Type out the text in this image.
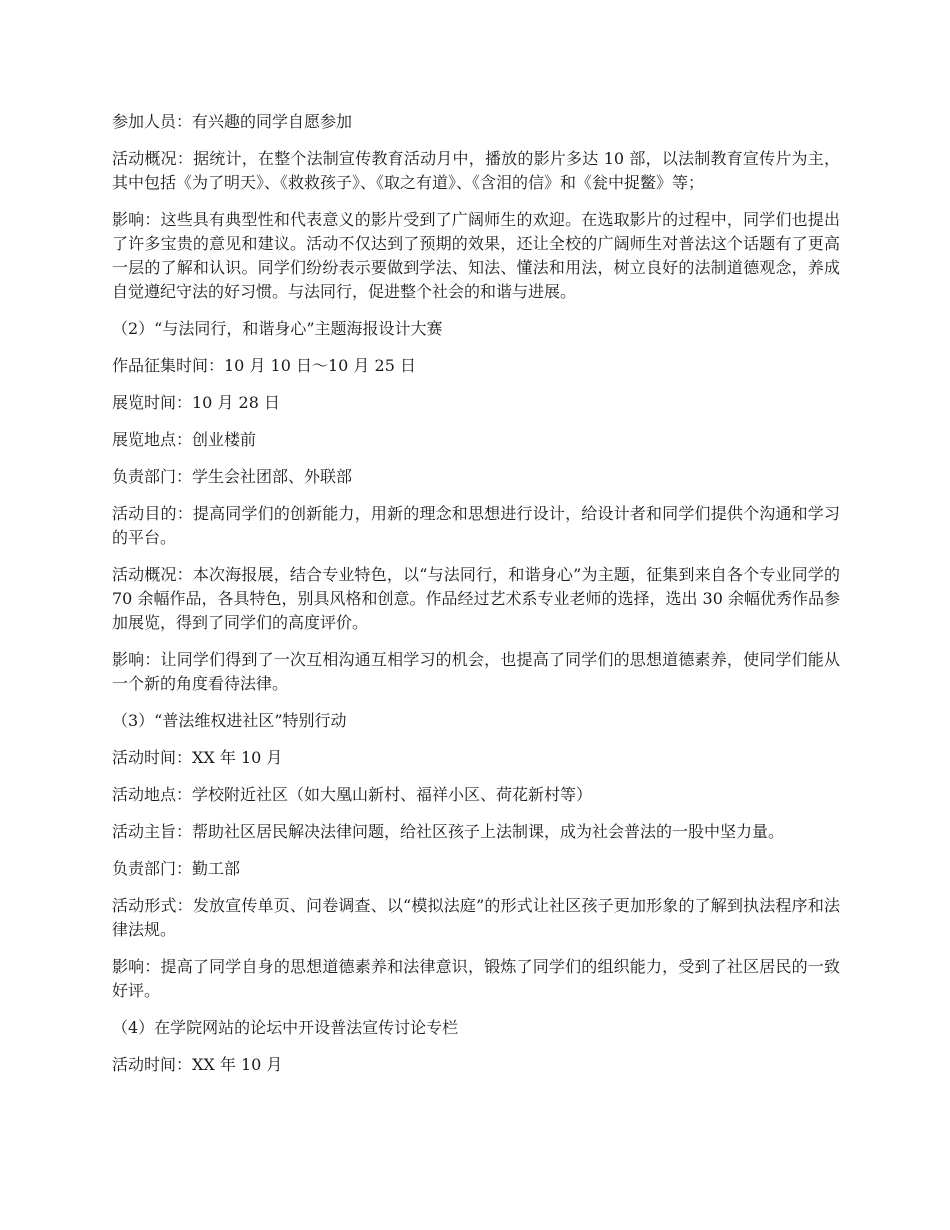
参加人员：有兴趣的同学自愿参加

活动概况：据统计，在整个法制宣传教育活动月中，播放的影片多达 10 部，以法制教育宣传片为主，其中包括《为了明天》、《救救孩子》、《取之有道》、《含泪的信》和《瓮中捉鳖》等；

影响：这些具有典型性和代表意义的影片受到了广阔师生的欢迎。在选取影片的过程中，同学们也提出了许多宝贵的意见和建议。活动不仅达到了预期的效果，还让全校的广阔师生对普法这个话题有了更高一层的了解和认识。同学们纷纷表示要做到学法、知法、懂法和用法，树立良好的法制道德观念，养成自觉遵纪守法的好习惯。与法同行，促进整个社会的和谐与进展。

（2）“与法同行，和谐身心”主题海报设计大赛

作品征集时间：10 月 10 日～10 月 25 日

展览时间：10 月 28 日

展览地点：创业楼前

负责部门：学生会社团部、外联部

活动目的：提高同学们的创新能力，用新的理念和思想进行设计，给设计者和同学们提供个沟通和学习的平台。

活动概况：本次海报展，结合专业特色，以“与法同行，和谐身心”为主题，征集到来自各个专业同学的 70 余幅作品，各具特色，别具风格和创意。作品经过艺术系专业老师的选择，选出 30 余幅优秀作品参加展览，得到了同学们的高度评价。

影响：让同学们得到了一次互相沟通互相学习的机会，也提高了同学们的思想道德素养，使同学们能从一个新的角度看待法律。

（3）“普法维权进社区”特别行动

活动时间：XX 年 10 月

活动地点：学校附近社区（如大凰山新村、福祥小区、荷花新村等）

活动主旨：帮助社区居民解决法律问题，给社区孩子上法制课，成为社会普法的一股中坚力量。

负责部门：勤工部

活动形式：发放宣传单页、问卷调查、以“模拟法庭”的形式让社区孩子更加形象的了解到执法程序和法律法规。

影响：提高了同学自身的思想道德素养和法律意识，锻炼了同学们的组织能力，受到了社区居民的一致好评。

（4）在学院网站的论坛中开设普法宣传讨论专栏

活动时间：XX 年 10 月
